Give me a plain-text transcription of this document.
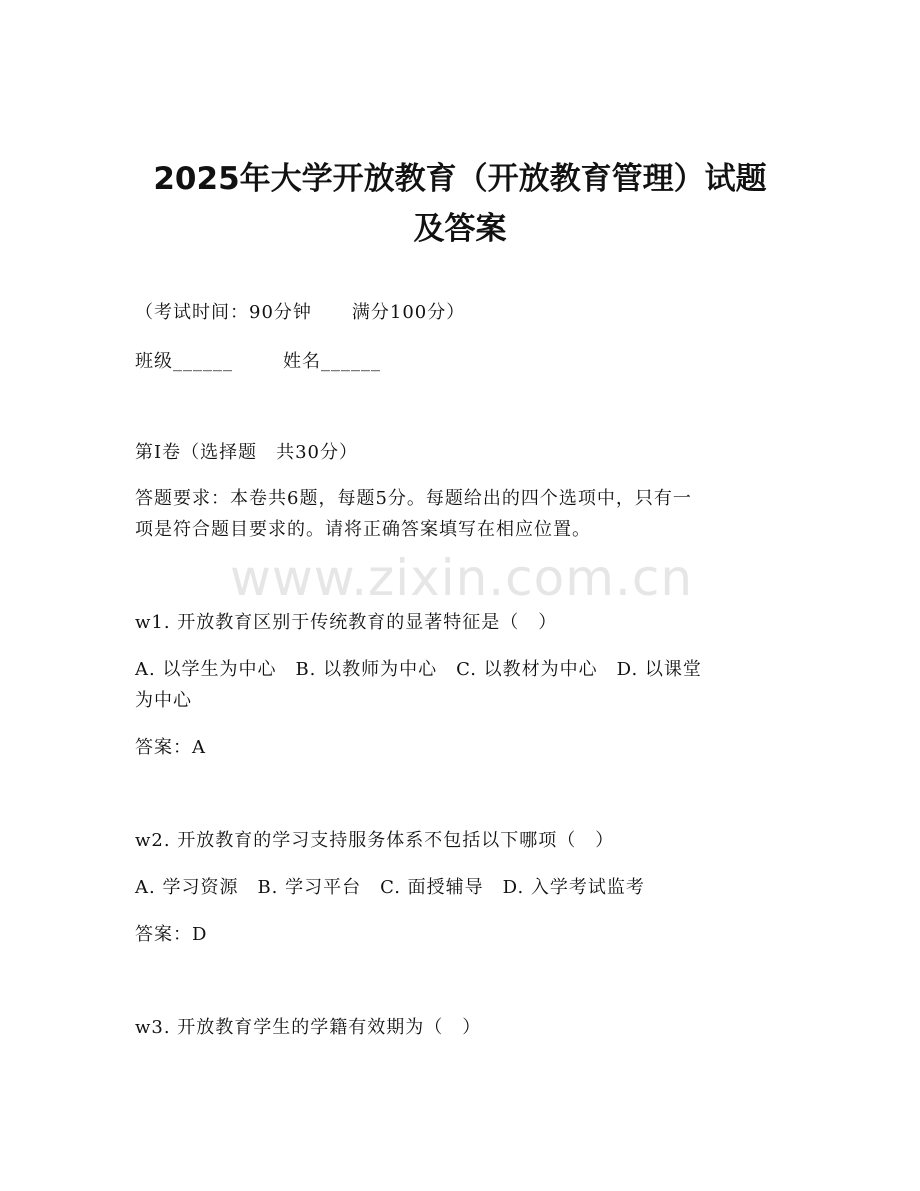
2025年大学开放教育（开放教育管理）试题
及答案
（考试时间：90分钟 满分100分）
班级______	姓名______
第Ⅰ卷（选择题　共30分）
答题要求：本卷共6题，每题5分。每题给出的四个选项中，只有一
项是符合题目要求的。请将正确答案填写在相应位置。
www.zixin.com.cn
w1. 开放教育区别于传统教育的显著特征是（　）
A. 以学生为中心　B. 以教师为中心　C. 以教材为中心　D. 以课堂
为中心
答案：A
w2. 开放教育的学习支持服务体系不包括以下哪项（　）
A. 学习资源　B. 学习平台　C. 面授辅导　D. 入学考试监考
答案：D
w3. 开放教育学生的学籍有效期为（　）
